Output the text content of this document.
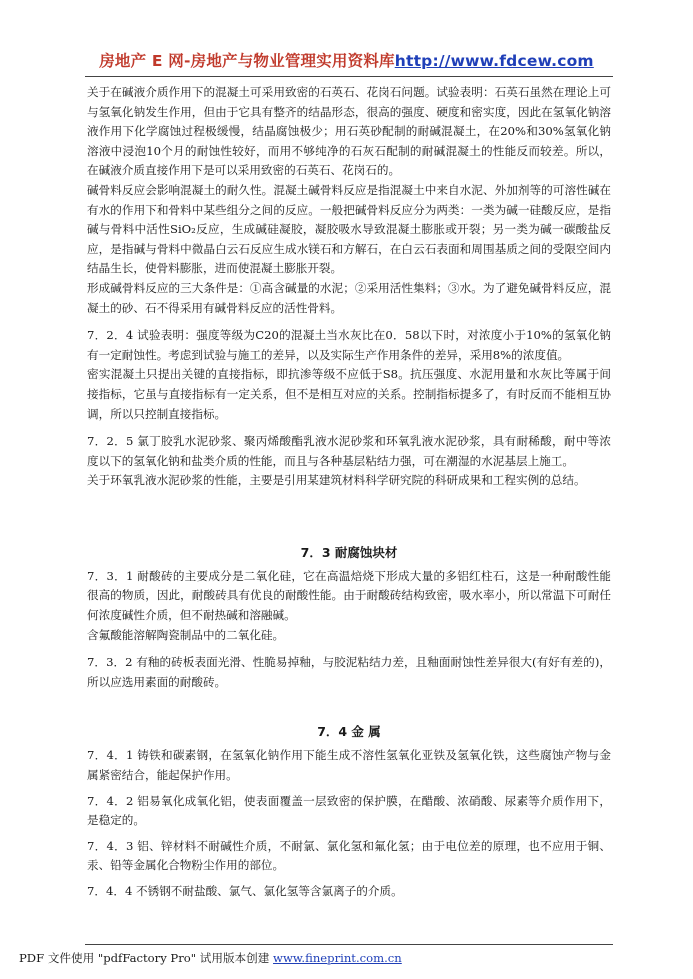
房地产 E 网-房地产与物业管理实用资料库http://www.fdcew.com

关于在碱液介质作用下的混凝土可采用致密的石英石、花岗石问题。试验表明：石英石虽然在理论上可与氢氧化钠发生作用，但由于它具有整齐的结晶形态，很高的强度、硬度和密实度，因此在氢氧化钠溶液作用下化学腐蚀过程极缓慢，结晶腐蚀极少；用石英砂配制的耐碱混凝土，在20%和30%氢氧化钠溶液中浸泡10个月的耐蚀性较好，而用不够纯净的石灰石配制的耐碱混凝土的性能反而较差。所以，在碱液介质直接作用下是可以采用致密的石英石、花岗石的。

碱骨料反应会影响混凝土的耐久性。混凝土碱骨料反应是指混凝土中来自水泥、外加剂等的可溶性碱在有水的作用下和骨料中某些组分之间的反应。一般把碱骨料反应分为两类：一类为碱一硅酸反应，是指碱与骨料中活性SiO₂反应，生成碱硅凝胶，凝胶吸水导致混凝土膨胀或开裂；另一类为碱一碳酸盐反应，是指碱与骨料中微晶白云石反应生成水镁石和方解石，在白云石表面和周围基质之间的受限空间内结晶生长，使骨料膨胀，进而使混凝土膨胀开裂。

形成碱骨料反应的三大条件是：①高含碱量的水泥；②采用活性集料；③水。为了避免碱骨料反应，混凝土的砂、石不得采用有碱骨料反应的活性骨料。

7．2．4 试验表明：强度等级为C20的混凝土当水灰比在0．58以下时，对浓度小于10%的氢氧化钠有一定耐蚀性。考虑到试验与施工的差异，以及实际生产作用条件的差异，采用8%的浓度值。

密实混凝土只提出关键的直接指标，即抗渗等级不应低于S8。抗压强度、水泥用量和水灰比等属于间接指标，它虽与直接指标有一定关系，但不是相互对应的关系。控制指标提多了，有时反而不能相互协调，所以只控制直接指标。

7．2．5 氯丁胶乳水泥砂浆、聚丙烯酸酯乳液水泥砂浆和环氧乳液水泥砂浆，具有耐稀酸，耐中等浓度以下的氢氧化钠和盐类介质的性能，而且与各种基层粘结力强，可在潮湿的水泥基层上施工。

关于环氧乳液水泥砂浆的性能，主要是引用某建筑材料科学研究院的科研成果和工程实例的总结。

7．3 耐腐蚀块材

7．3．1 耐酸砖的主要成分是二氧化硅，它在高温焙烧下形成大量的多铝红柱石，这是一种耐酸性能很高的物质，因此，耐酸砖具有优良的耐酸性能。由于耐酸砖结构致密，吸水率小，所以常温下可耐任何浓度碱性介质，但不耐热碱和溶融碱。

含氟酸能溶解陶瓷制品中的二氧化硅。

7．3．2 有釉的砖板表面光滑、性脆易掉釉，与胶泥粘结力差，且釉面耐蚀性差异很大(有好有差的)，所以应选用素面的耐酸砖。

7．4 金 属

7．4．1 铸铁和碳素钢，在氢氧化钠作用下能生成不溶性氢氧化亚铁及氢氧化铁，这些腐蚀产物与金属紧密结合，能起保护作用。

7．4．2 铝易氧化成氧化铝，使表面覆盖一层致密的保护膜，在醋酸、浓硝酸、尿素等介质作用下，是稳定的。

7．4．3 铝、锌材料不耐碱性介质，不耐氯、氯化氢和氟化氢；由于电位差的原理，也不应用于铜、汞、铅等金属化合物粉尘作用的部位。

7．4．4 不锈钢不耐盐酸、氯气、氯化氢等含氯离子的介质。

PDF 文件使用 "pdfFactory Pro" 试用版本创建 www.fineprint.com.cn
